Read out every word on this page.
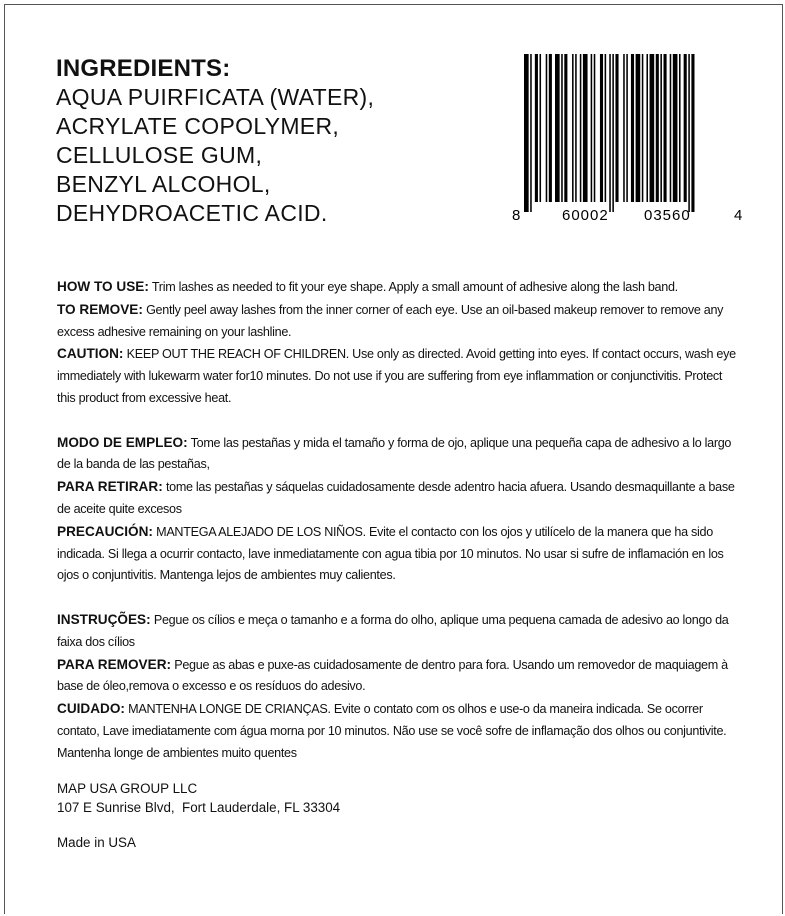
INGREDIENTS:
AQUA PUIRFICATA (WATER),
ACRYLATE COPOLYMER,
CELLULOSE GUM,
BENZYL ALCOHOL,
DEHYDROACETIC ACID.	8	60002 03560	4
HOW TO USE: Trim lashes as needed to fit your eye shape. Apply a small amount of adhesive along the lash band.
TO REMOVE: Gently peel away lashes from the inner corner of each eye. Use an oil-based makeup remover to remove any excess adhesive remaining on your lashline.
CAUTION: KEEP OUT THE REACH OF CHILDREN. Use only as directed. Avoid getting into eyes. If contact occurs, wash eye immediately with lukewarm water for10 minutes. Do not use if you are suffering from eye inflammation or conjunctivitis. Protect this product from excessive heat.
MODO DE EMPLEO: Tome las pestañas y mida el tamaño y forma de ojo, aplique una pequeña capa de adhesivo a lo largo de la banda de las pestañas,
PARA RETIRAR: tome las pestañas y sáquelas cuidadosamente desde adentro hacia afuera. Usando desmaquillante a base de aceite quite excesos
PRECAUCIÓN: MANTEGA ALEJADO DE LOS NIÑOS. Evite el contacto con los ojos y utilícelo de la manera que ha sido indicada. Si llega a ocurrir contacto, lave inmediatamente con agua tibia por 10 minutos. No usar si sufre de inflamación en los ojos o conjuntivitis. Mantenga lejos de ambientes muy calientes.
INSTRUÇÕES: Pegue os cílios e meça o tamanho e a forma do olho, aplique uma pequena camada de adesivo ao longo da faixa dos cílios
PARA REMOVER: Pegue as abas e puxe-as cuidadosamente de dentro para fora. Usando um removedor de maquiagem à base de óleo,remova o excesso e os resíduos do adesivo.
CUIDADO: MANTENHA LONGE DE CRIANÇAS. Evite o contato com os olhos e use-o da maneira indicada. Se ocorrer contato, Lave imediatamente com água morna por 10 minutos. Não use se você sofre de inflamação dos olhos ou conjuntivite. Mantenha longe de ambientes muito quentes
MAP USA GROUP LLC
107 E Sunrise Blvd,  Fort Lauderdale, FL 33304
Made in USA
